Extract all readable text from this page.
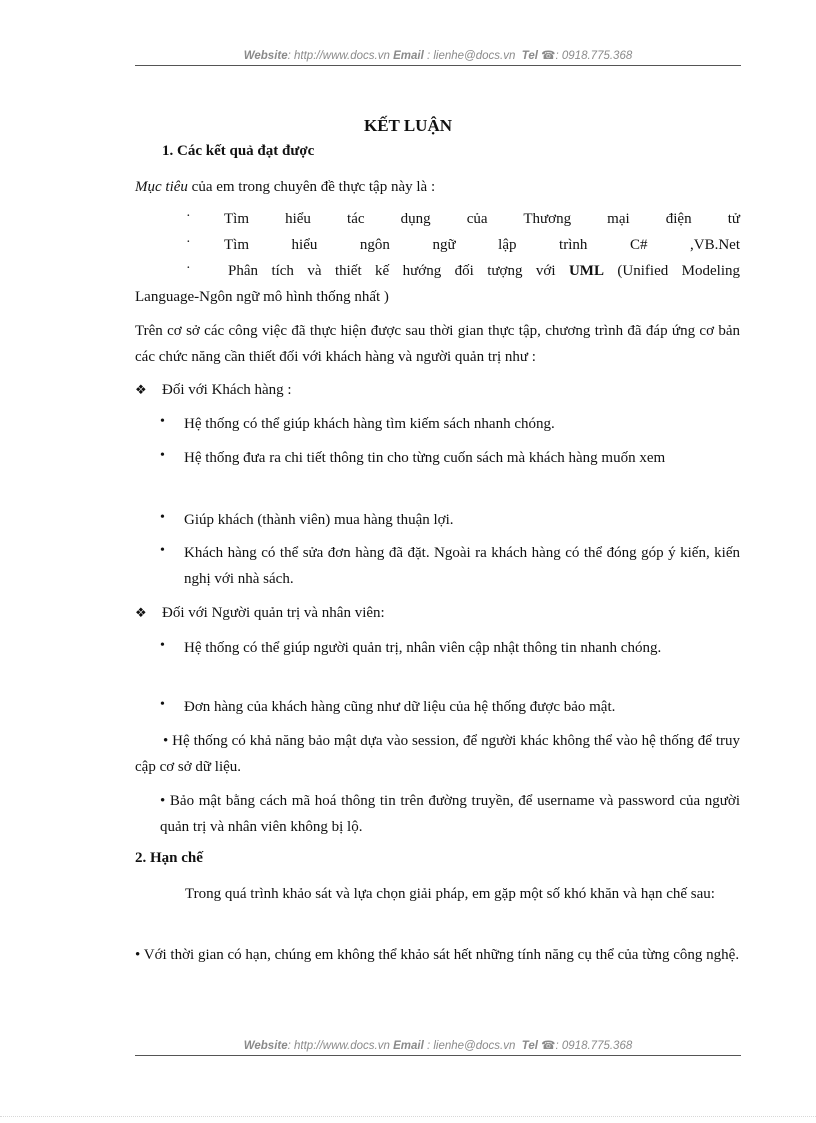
Website: http://www.docs.vn Email : lienhe@docs.vn Tel ☎: 0918.775.368
KẾT LUẬN
1. Các kết quả đạt được
Mục tiêu của em trong chuyên đề thực tập này là :
· Tìm hiểu tác dụng của Thương mại điện tử
· Tìm hiểu ngôn ngữ lập trình C# ,VB.Net
· Phân tích và thiết kế hướng đối tượng với UML (Unified Modeling
Language-Ngôn ngữ mô hình thống nhất )
Trên cơ sở các công việc đã thực hiện được sau thời gian thực tập, chương trình đã đáp ứng cơ bản các chức năng cần thiết đối với khách hàng và người quản trị như :
❖ Đối với Khách hàng :
• Hệ thống có thể giúp khách hàng tìm kiếm sách nhanh chóng.
• Hệ thống đưa ra chi tiết thông tin cho từng cuốn sách mà khách hàng muốn xem
• Giúp khách (thành viên) mua hàng thuận lợi.
• Khách hàng có thể sửa đơn hàng đã đặt. Ngoài ra khách hàng có thể đóng góp ý kiến, kiến nghị với nhà sách.
❖ Đối với Người quản trị và nhân viên:
• Hệ thống có thể giúp người quản trị, nhân viên cập nhật thông tin nhanh chóng.
• Đơn hàng của khách hàng cũng như dữ liệu của hệ thống được bảo mật.
• Hệ thống có khả năng bảo mật dựa vào session, để người khác không thể vào hệ thống để truy cập cơ sở dữ liệu.
• Bảo mật bằng cách mã hoá thông tin trên đường truyền, để username và password của người quản trị và nhân viên không bị lộ.
2. Hạn chế
Trong quá trình khảo sát và lựa chọn giải pháp, em gặp một số khó khăn và hạn chế sau:
• Với thời gian có hạn, chúng em không thể khảo sát hết những tính năng cụ thể của từng công nghệ.
Website: http://www.docs.vn Email : lienhe@docs.vn Tel ☎: 0918.775.368
